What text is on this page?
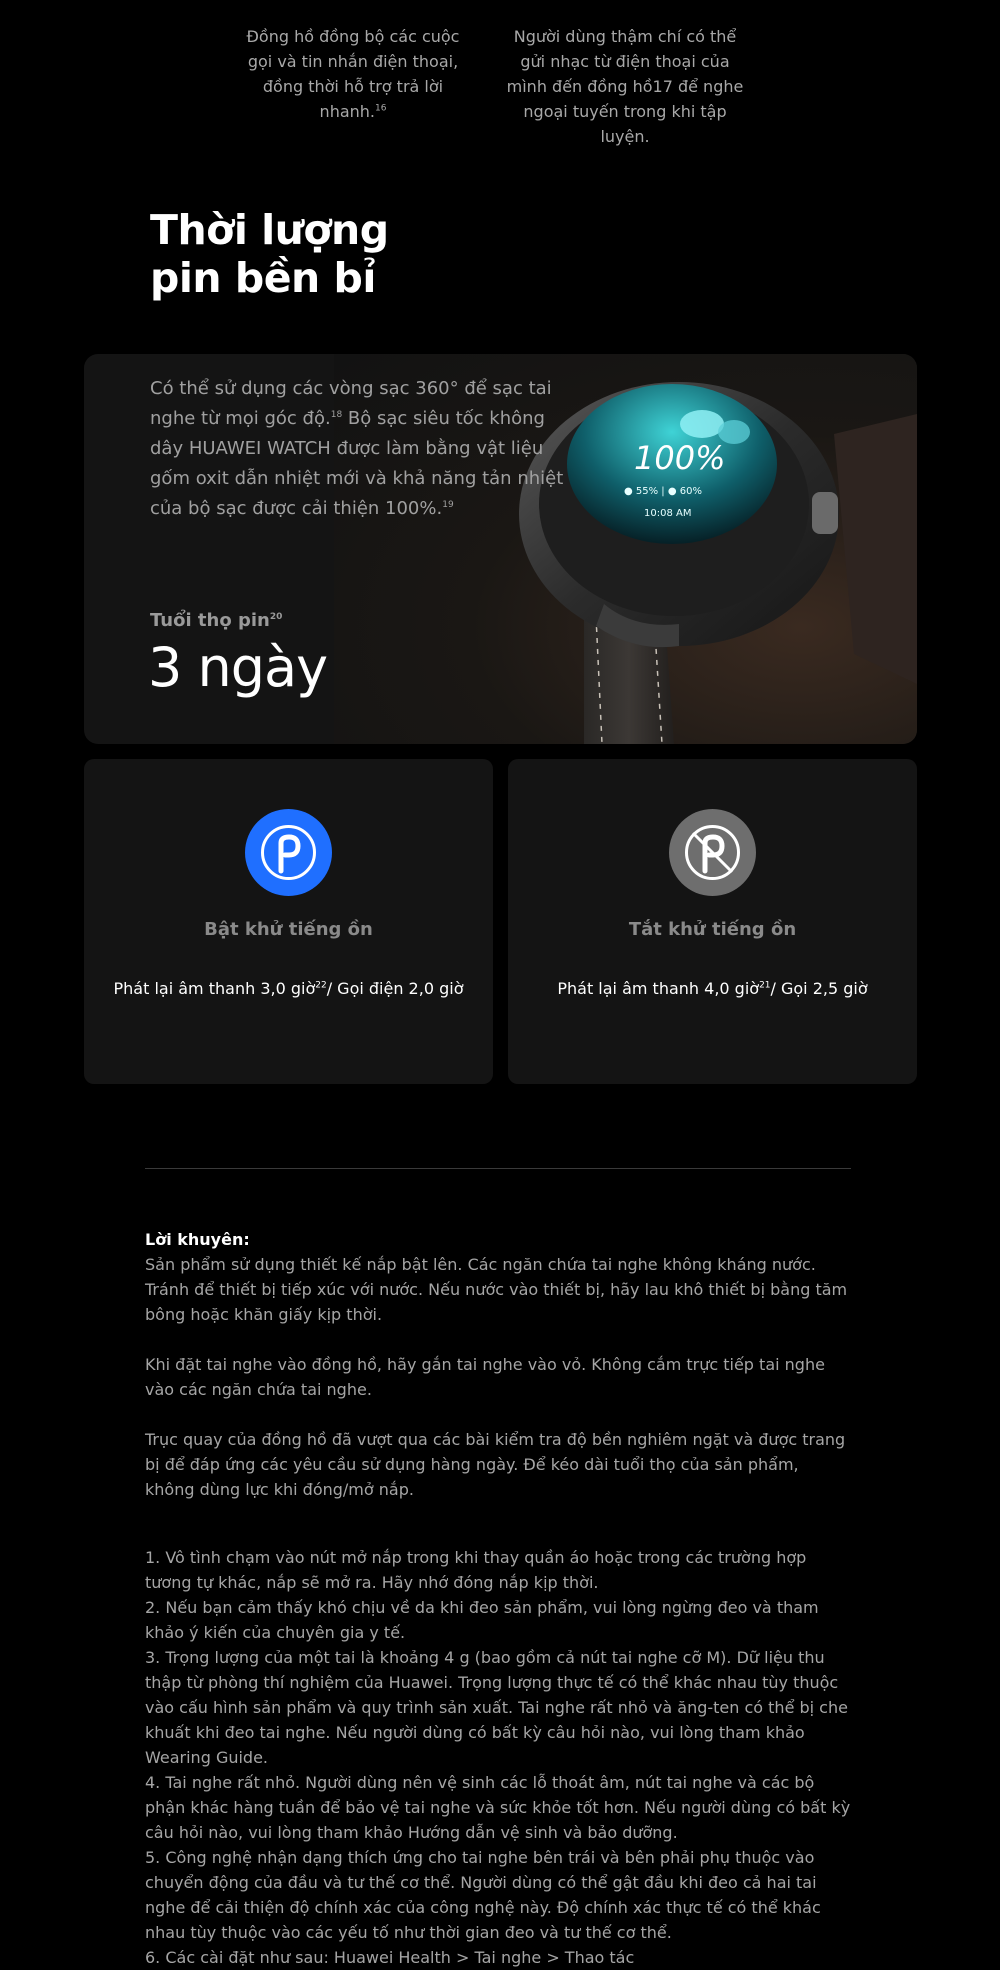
Đồng hồ đồng bộ các cuộc gọi và tin nhắn điện thoại, đồng thời hỗ trợ trả lời nhanh.$^{16}$
Người dùng thậm chí có thể gửi nhạc từ điện thoại của mình đến đồng hồ17 để nghe ngoại tuyến trong khi tập luyện.
Thời lượng
pin bền bỉ
100%
● 55% | ● 60%
10:08 AM
Có thể sử dụng các vòng sạc 360° để sạc tai nghe từ mọi góc độ.$^{18}$ Bộ sạc siêu tốc không dây HUAWEI WATCH được làm bằng vật liệu gốm oxit dẫn nhiệt mới và khả năng tản nhiệt của bộ sạc được cải thiện 100%.$^{19}$
Tuổi thọ pin$^{20}$
3 ngày
Bật khử tiếng ồn
Phát lại âm thanh 3,0 giờ$^{22}$/ Gọi điện 2,0 giờ
Tắt khử tiếng ồn
Phát lại âm thanh 4,0 giờ$^{21}$/ Gọi 2,5 giờ
Lời khuyên:

Sản phẩm sử dụng thiết kế nắp bật lên. Các ngăn chứa tai nghe không kháng nước. Tránh để thiết bị tiếp xúc với nước. Nếu nước vào thiết bị, hãy lau khô thiết bị bằng tăm bông hoặc khăn giấy kịp thời.

Khi đặt tai nghe vào đồng hồ, hãy gắn tai nghe vào vỏ. Không cắm trực tiếp tai nghe vào các ngăn chứa tai nghe.

Trục quay của đồng hồ đã vượt qua các bài kiểm tra độ bền nghiêm ngặt và được trang bị để đáp ứng các yêu cầu sử dụng hàng ngày. Để kéo dài tuổi thọ của sản phẩm, không dùng lực khi đóng/mở nắp.

1. Vô tình chạm vào nút mở nắp trong khi thay quần áo hoặc trong các trường hợp tương tự khác, nắp sẽ mở ra. Hãy nhớ đóng nắp kịp thời.
2. Nếu bạn cảm thấy khó chịu về da khi đeo sản phẩm, vui lòng ngừng đeo và tham khảo ý kiến của chuyên gia y tế.
3. Trọng lượng của một tai là khoảng 4 g (bao gồm cả nút tai nghe cỡ M). Dữ liệu thu thập từ phòng thí nghiệm của Huawei. Trọng lượng thực tế có thể khác nhau tùy thuộc vào cấu hình sản phẩm và quy trình sản xuất. Tai nghe rất nhỏ và ăng-ten có thể bị che khuất khi đeo tai nghe. Nếu người dùng có bất kỳ câu hỏi nào, vui lòng tham khảo Wearing Guide.
4. Tai nghe rất nhỏ. Người dùng nên vệ sinh các lỗ thoát âm, nút tai nghe và các bộ phận khác hàng tuần để bảo vệ tai nghe và sức khỏe tốt hơn. Nếu người dùng có bất kỳ câu hỏi nào, vui lòng tham khảo Hướng dẫn vệ sinh và bảo dưỡng.
5. Công nghệ nhận dạng thích ứng cho tai nghe bên trái và bên phải phụ thuộc vào chuyển động của đầu và tư thế cơ thể. Người dùng có thể gật đầu khi đeo cả hai tai nghe để cải thiện độ chính xác của công nghệ này. Độ chính xác thực tế có thể khác nhau tùy thuộc vào các yếu tố như thời gian đeo và tư thế cơ thể.
6. Các cài đặt như sau: Huawei Health > Tai nghe > Thao tác
